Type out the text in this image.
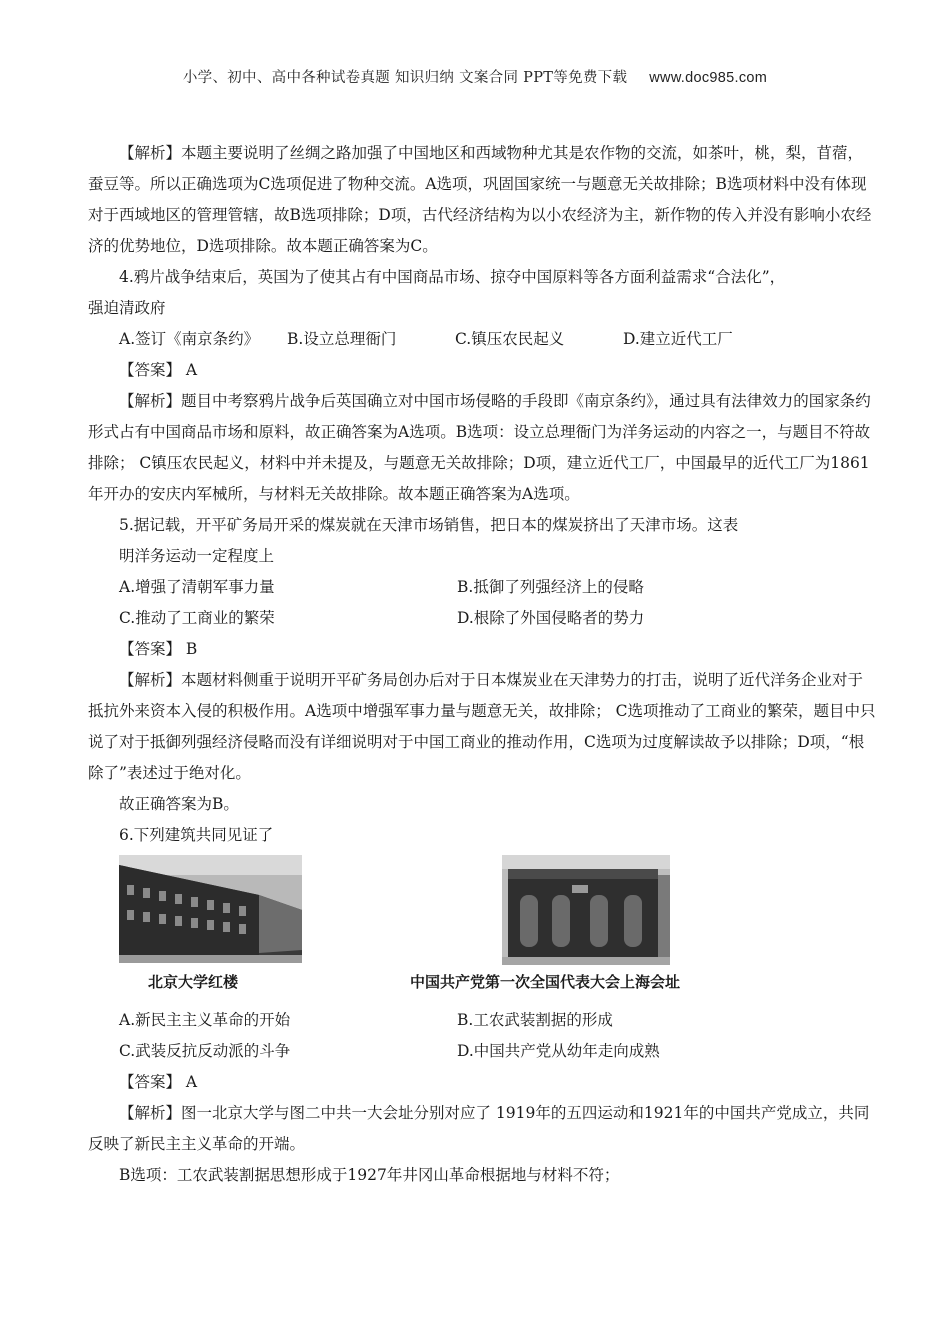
小学、初中、高中各种试卷真题 知识归纳 文案合同 PPT等免费下载 www.doc985.com

【解析】本题主要说明了丝绸之路加强了中国地区和西域物种尤其是农作物的交流，如茶叶，桃，梨，苜蓿，蚕豆等。所以正确选项为C选项促进了物种交流。A选项，巩固国家统一与题意无关故排除；B选项材料中没有体现对于西域地区的管理管辖，故B选项排除；D项，古代经济结构为以小农经济为主，新作物的传入并没有影响小农经济的优势地位，D选项排除。故本题正确答案为C。

4.鸦片战争结束后，英国为了使其占有中国商品市场、掠夺中国原料等各方面利益需求“合法化”，

强迫清政府

A.签订《南京条约》	B.设立总理衙门	C.镇压农民起义	D.建立近代工厂

【答案】 A

【解析】题目中考察鸦片战争后英国确立对中国市场侵略的手段即《南京条约》，通过具有法律效力的国家条约形式占有中国商品市场和原料，故正确答案为A选项。B选项：设立总理衙门为洋务运动的内容之一，与题目不符故排除； C镇压农民起义，材料中并未提及，与题意无关故排除；D项，建立近代工厂，中国最早的近代工厂为1861年开办的安庆内军械所，与材料无关故排除。故本题正确答案为A选项。

5.据记载，开平矿务局开采的煤炭就在天津市场销售，把日本的煤炭挤出了天津市场。这表

明洋务运动一定程度上

A.增强了清朝军事力量	B.抵御了列强经济上的侵略
C.推动了工商业的繁荣	D.根除了外国侵略者的势力

【答案】 B

【解析】本题材料侧重于说明开平矿务局创办后对于日本煤炭业在天津势力的打击，说明了近代洋务企业对于抵抗外来资本入侵的积极作用。A选项中增强军事力量与题意无关，故排除； C选项推动了工商业的繁荣，题目中只说了对于抵御列强经济侵略而没有详细说明对于中国工商业的推动作用，C选项为过度解读故予以排除；D项，“根除了”表述过于绝对化。

故正确答案为B。

6.下列建筑共同见证了

北京大学红楼	中国共产党第一次全国代表大会上海会址
A.新民主主义革命的开始	B.工农武装割据的形成
C.武装反抗反动派的斗争	D.中国共产党从幼年走向成熟

【答案】 A

【解析】图一北京大学与图二中共一大会址分别对应了 1919年的五四运动和1921年的中国共产党成立，共同反映了新民主主义革命的开端。

B选项：工农武装割据思想形成于1927年井冈山革命根据地与材料不符；
